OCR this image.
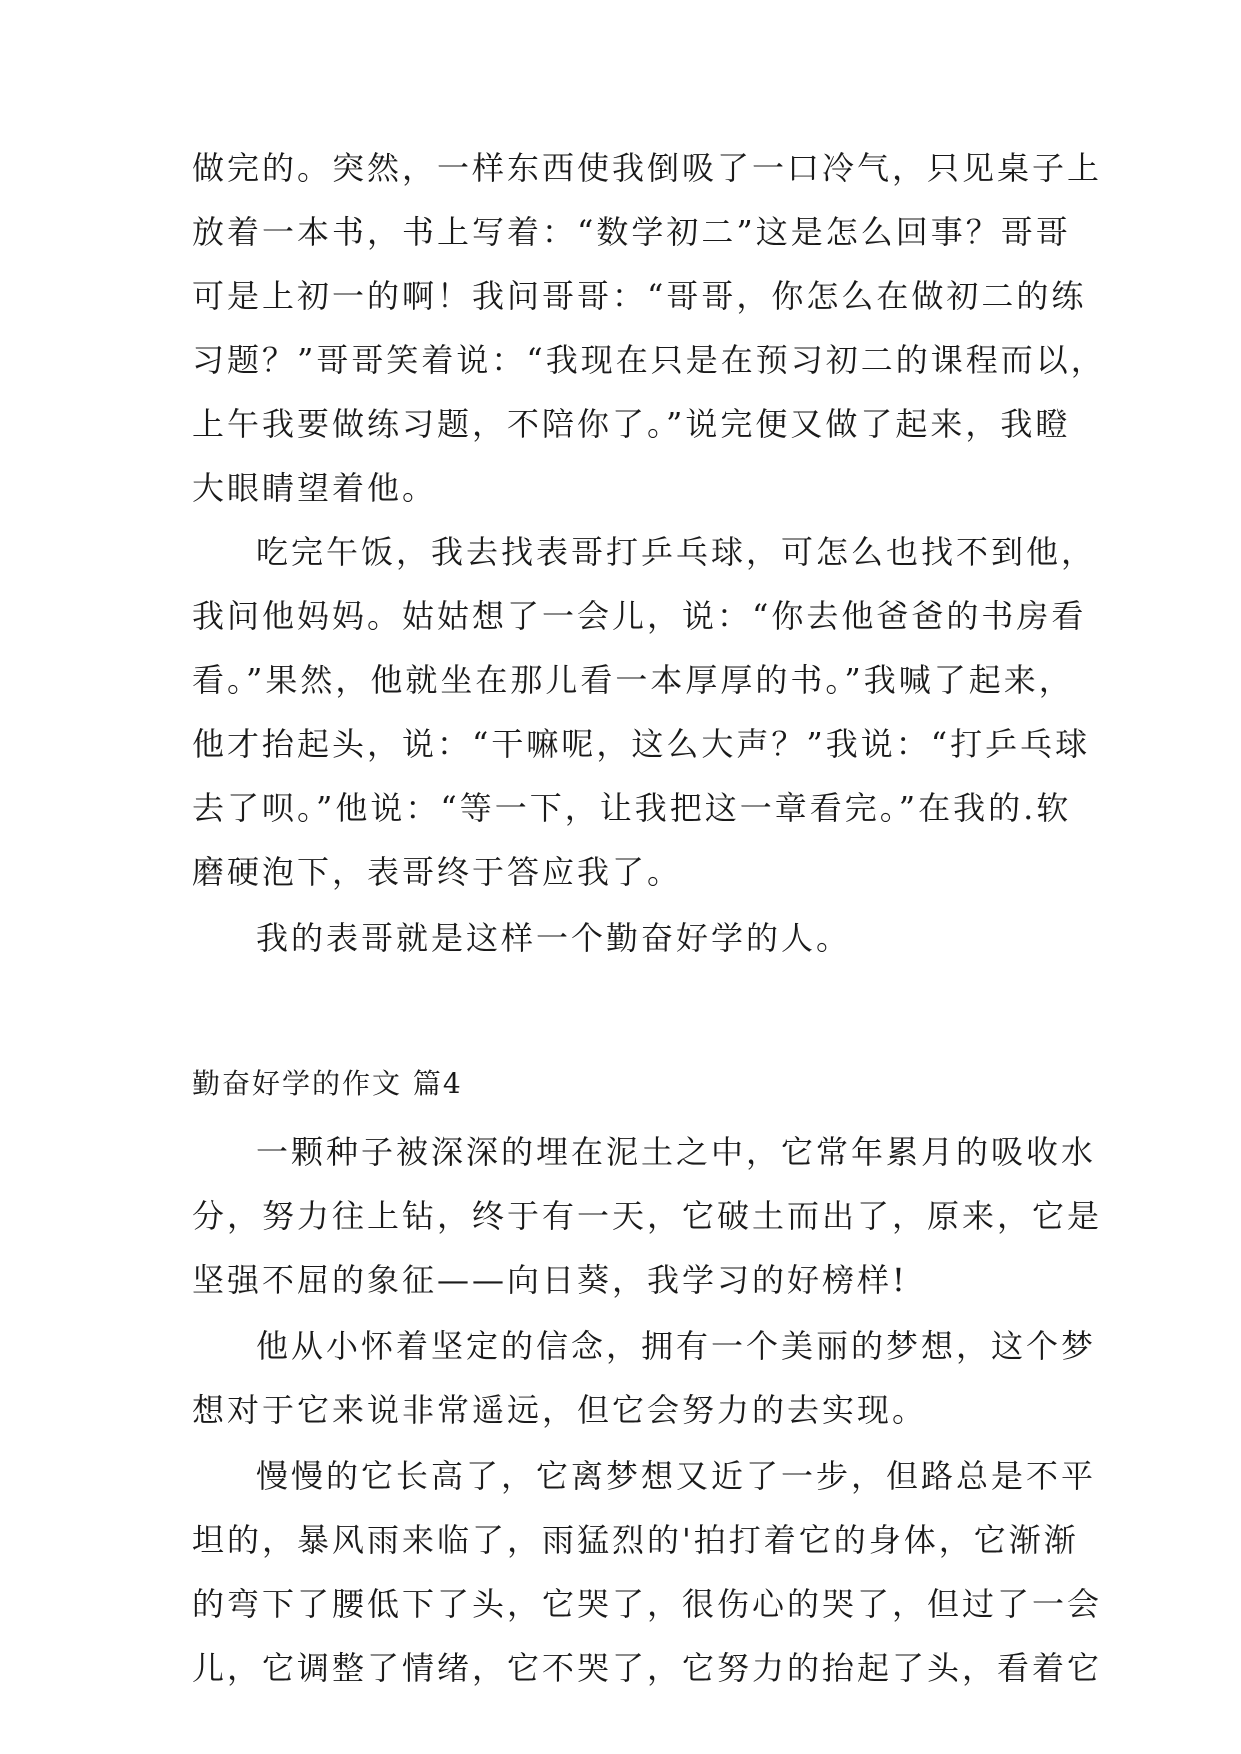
做完的。突然，一样东西使我倒吸了一口冷气，只见桌子上
放着一本书，书上写着：“数学初二”这是怎么回事？哥哥
可是上初一的啊！我问哥哥：“哥哥，你怎么在做初二的练
习题？”哥哥笑着说：“我现在只是在预习初二的课程而以，
上午我要做练习题，不陪你了。”说完便又做了起来，我瞪
大眼睛望着他。
吃完午饭，我去找表哥打乒乓球，可怎么也找不到他，
我问他妈妈。姑姑想了一会儿，说：“你去他爸爸的书房看
看。”果然，他就坐在那儿看一本厚厚的书。”我喊了起来，
他才抬起头，说：“干嘛呢，这么大声？”我说：“打乒乓球
去了呗。”他说：“等一下，让我把这一章看完。”在我的.软
磨硬泡下，表哥终于答应我了。
我的表哥就是这样一个勤奋好学的人。
勤奋好学的作文 篇4
一颗种子被深深的埋在泥土之中，它常年累月的吸收水
分，努力往上钻，终于有一天，它破土而出了，原来，它是
坚强不屈的象征——向日葵，我学习的好榜样!
他从小怀着坚定的信念，拥有一个美丽的梦想，这个梦
想对于它来说非常遥远，但它会努力的去实现。
慢慢的它长高了，它离梦想又近了一步，但路总是不平
坦的，暴风雨来临了，雨猛烈的'拍打着它的身体，它渐渐
的弯下了腰低下了头，它哭了，很伤心的哭了，但过了一会
儿，它调整了情绪，它不哭了，它努力的抬起了头，看着它
